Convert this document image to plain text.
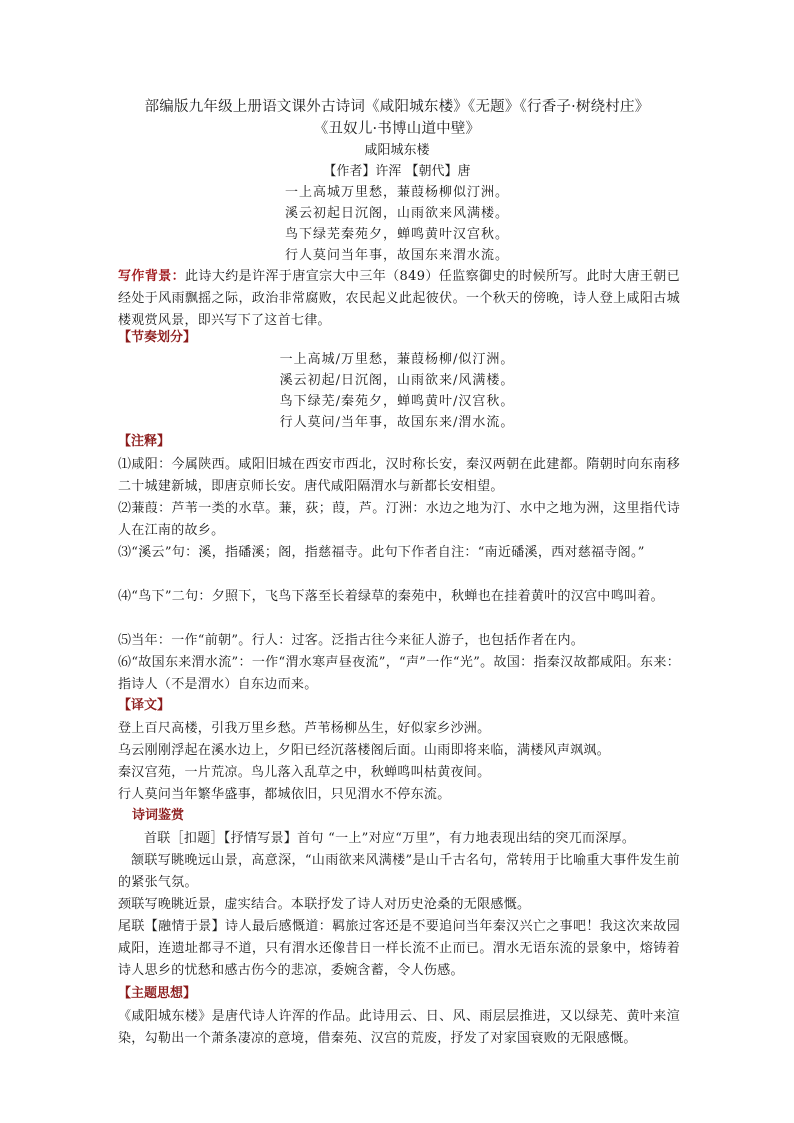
部编版九年级上册语文课外古诗词《咸阳城东楼》《无题》《行香子·树绕村庄》
《丑奴儿·书博山道中壁》
咸阳城东楼
【作者】许浑 【朝代】唐
一上高城万里愁，蒹葭杨柳似汀洲。
溪云初起日沉阁，山雨欲来风满楼。
鸟下绿芜秦苑夕，蝉鸣黄叶汉宫秋。
行人莫问当年事，故国东来渭水流。
写作背景：此诗大约是许浑于唐宣宗大中三年（849）任监察御史的时候所写。此时大唐王朝已经处于风雨飘摇之际，政治非常腐败，农民起义此起彼伏。一个秋天的傍晚，诗人登上咸阳古城楼观赏风景，即兴写下了这首七律。
【节奏划分】
一上高城/万里愁，蒹葭杨柳/似汀洲。
溪云初起/日沉阁，山雨欲来/风满楼。
鸟下绿芜/秦苑夕，蝉鸣黄叶/汉宫秋。
行人莫问/当年事，故国东来/渭水流。
【注释】
⑴咸阳：今属陕西。咸阳旧城在西安市西北，汉时称长安，秦汉两朝在此建都。隋朝时向东南移二十城建新城，即唐京师长安。唐代咸阳隔渭水与新都长安相望。
⑵蒹葭：芦苇一类的水草。蒹，荻；葭，芦。汀洲：水边之地为汀、水中之地为洲，这里指代诗人在江南的故乡。
⑶“溪云”句：溪，指磻溪；阁，指慈福寺。此句下作者自注：“南近磻溪，西对慈福寺阁。”
⑷“鸟下”二句：夕照下，飞鸟下落至长着绿草的秦苑中，秋蝉也在挂着黄叶的汉宫中鸣叫着。
⑸当年：一作“前朝”。行人：过客。泛指古往今来征人游子，也包括作者在内。
⑹“故国东来渭水流”：一作“渭水寒声昼夜流”，“声”一作“光”。故国：指秦汉故都咸阳。东来：指诗人（不是渭水）自东边而来。
【译文】
登上百尺高楼，引我万里乡愁。芦苇杨柳丛生，好似家乡沙洲。
乌云刚刚浮起在溪水边上，夕阳已经沉落楼阁后面。山雨即将来临，满楼风声飒飒。
秦汉宫苑，一片荒凉。鸟儿落入乱草之中，秋蝉鸣叫枯黄夜间。
行人莫问当年繁华盛事，都城依旧，只见渭水不停东流。
诗词鉴赏
首联［扣题］【抒情写景】首句 “一上”对应“万里”，有力地表现出结的突兀而深厚。
颔联写眺晚远山景，高意深，“山雨欲来风满楼”是山千古名句，常转用于比喻重大事件发生前的紧张气氛。
颈联写晚眺近景，虚实结合。本联抒发了诗人对历史沧桑的无限感慨。
尾联【融情于景】诗人最后感慨道：羁旅过客还是不要追问当年秦汉兴亡之事吧！我这次来故园咸阳，连遗址都寻不道，只有渭水还像昔日一样长流不止而已。渭水无语东流的景象中，熔铸着诗人思乡的忧愁和感古伤今的悲凉，委婉含蓄，令人伤感。
【主题思想】
《咸阳城东楼》是唐代诗人许浑的作品。此诗用云、日、风、雨层层推进，又以绿芜、黄叶来渲染，勾勒出一个萧条凄凉的意境，借秦苑、汉宫的荒废，抒发了对家国衰败的无限感慨。
